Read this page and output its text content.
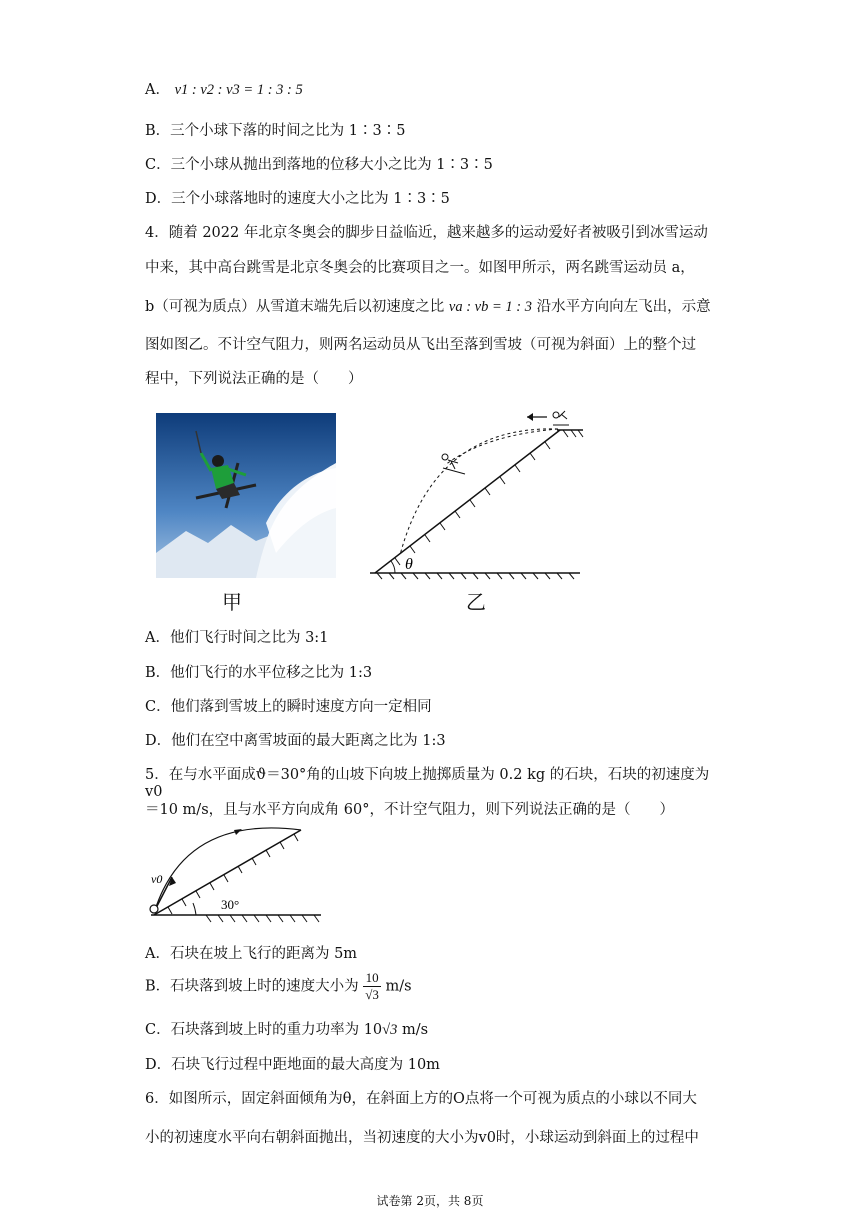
A． v1 : v2 : v3 = 1 : 3 : 5
B．三个小球下落的时间之比为 1∶3∶5
C．三个小球从抛出到落地的位移大小之比为 1∶3∶5
D．三个小球落地时的速度大小之比为 1∶3∶5
4．随着 2022 年北京冬奥会的脚步日益临近，越来越多的运动爱好者被吸引到冰雪运动
中来，其中高台跳雪是北京冬奥会的比赛项目之一。如图甲所示，两名跳雪运动员 a，
b（可视为质点）从雪道末端先后以初速度之比 va : vb = 1 : 3 沿水平方向向左飞出，示意
图如图乙。不计空气阻力，则两名运动员从飞出至落到雪坡（可视为斜面）上的整个过
程中，下列说法正确的是（　　）
甲
θ
乙
A．他们飞行时间之比为 3:1
B．他们飞行的水平位移之比为 1:3
C．他们落到雪坡上的瞬时速度方向一定相同
D．他们在空中离雪坡面的最大距离之比为 1:3
5．在与水平面成ϑ＝30°角的山坡下向坡上抛掷质量为 0.2 kg 的石块，石块的初速度为 v0
＝10 m/s，且与水平方向成角 60°，不计空气阻力，则下列说法正确的是（　　）
v0
30°
A．石块在坡上飞行的距离为 5m
B．石块落到坡上时的速度大小为 $\frac{10}{√3} m/s$
C．石块落到坡上时的重力功率为 10√3 m/s
D．石块飞行过程中距地面的最大高度为 10m
6．如图所示，固定斜面倾角为θ，在斜面上方的O点将一个可视为质点的小球以不同大
小的初速度水平向右朝斜面抛出，当初速度的大小为v0时，小球运动到斜面上的过程中
试卷第 2页，共 8页
